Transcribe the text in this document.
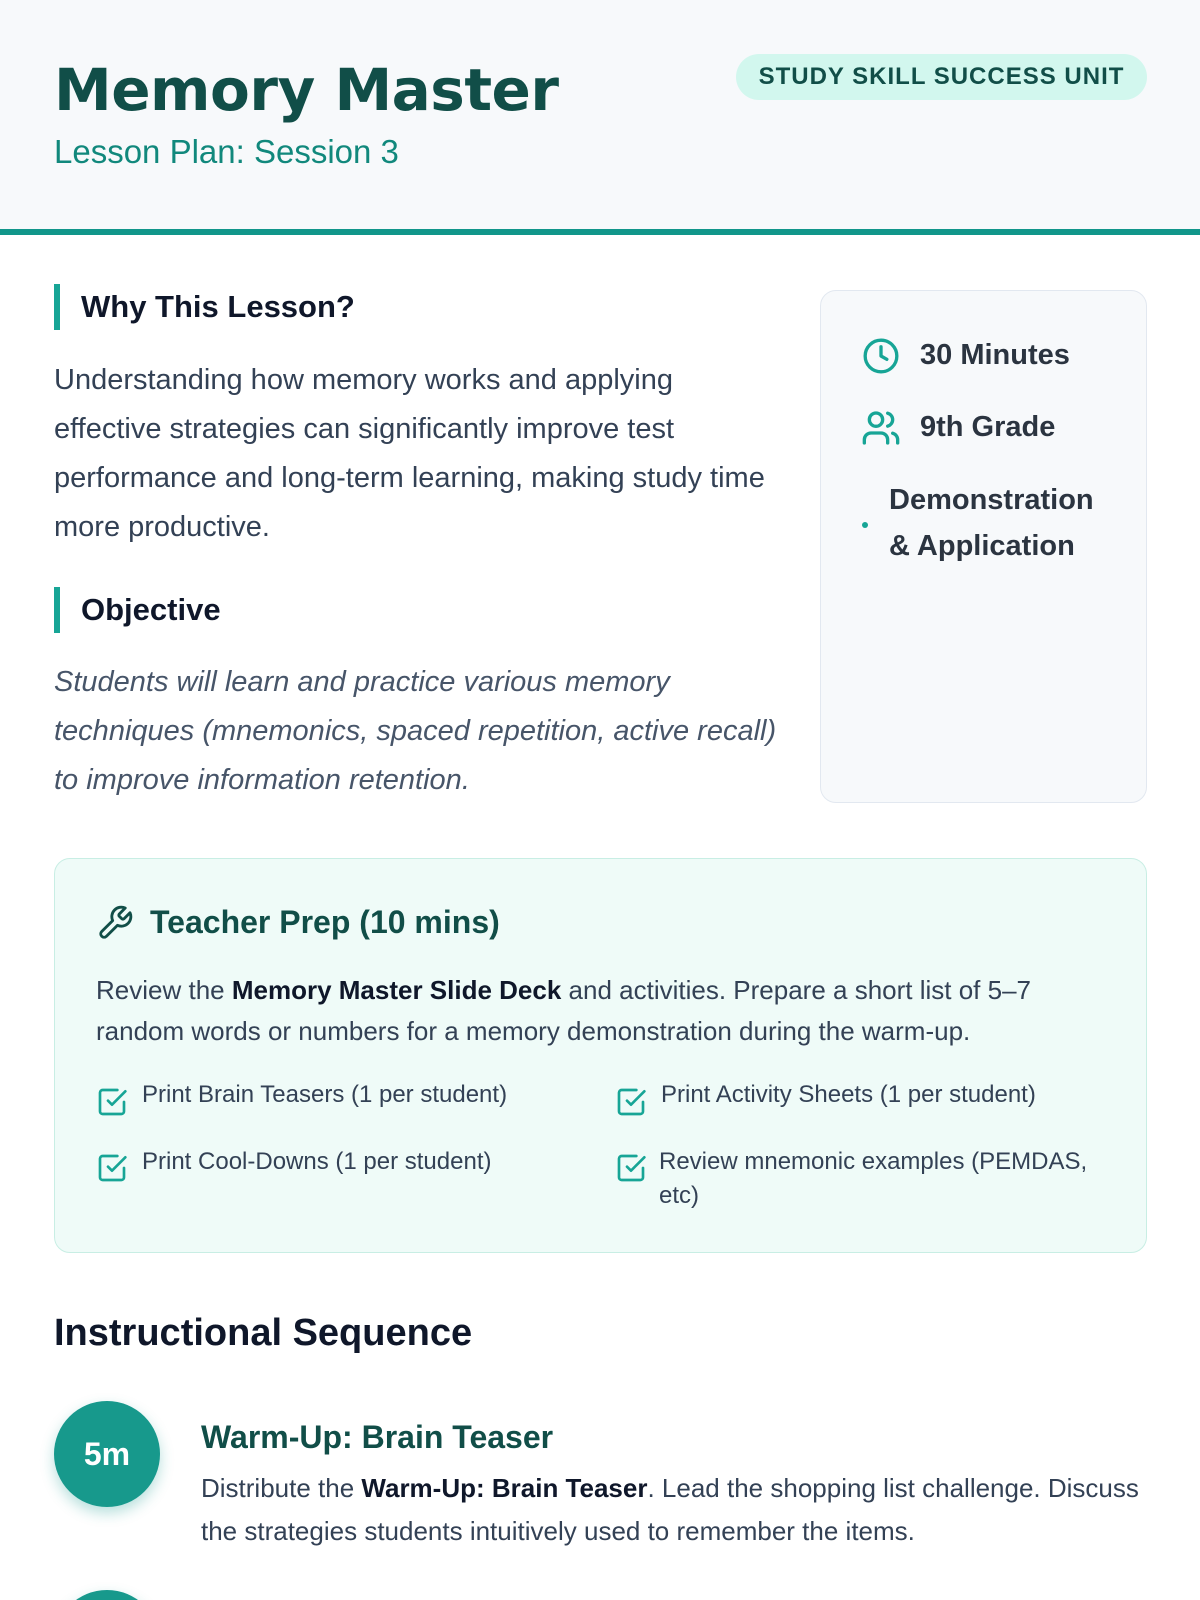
Memory Master
Lesson Plan: Session 3
STUDY SKILL SUCCESS UNIT
Why This Lesson?

Understanding how memory works and applying effective strategies can significantly improve test performance and long-term learning, making study time more productive.

Objective

Students will learn and practice various memory techniques (mnemonics, spaced repetition, active recall) to improve information retention.

30 Minutes
9th Grade
Demonstration
& Application
Teacher Prep (10 mins)

Review the Memory Master Slide Deck and activities. Prepare a short list of 5–7 random words or numbers for a memory demonstration during the warm-up.

Print Brain Teasers (1 per student)	Print Activity Sheets (1 per student)
Print Cool-Downs (1 per student)	Review mnemonic examples (PEMDAS, etc)
Instructional Sequence
5m	Warm-Up: Brain Teaser

Distribute the Warm-Up: Brain Teaser. Lead the shopping list challenge. Discuss the strategies students intuitively used to remember the items.
